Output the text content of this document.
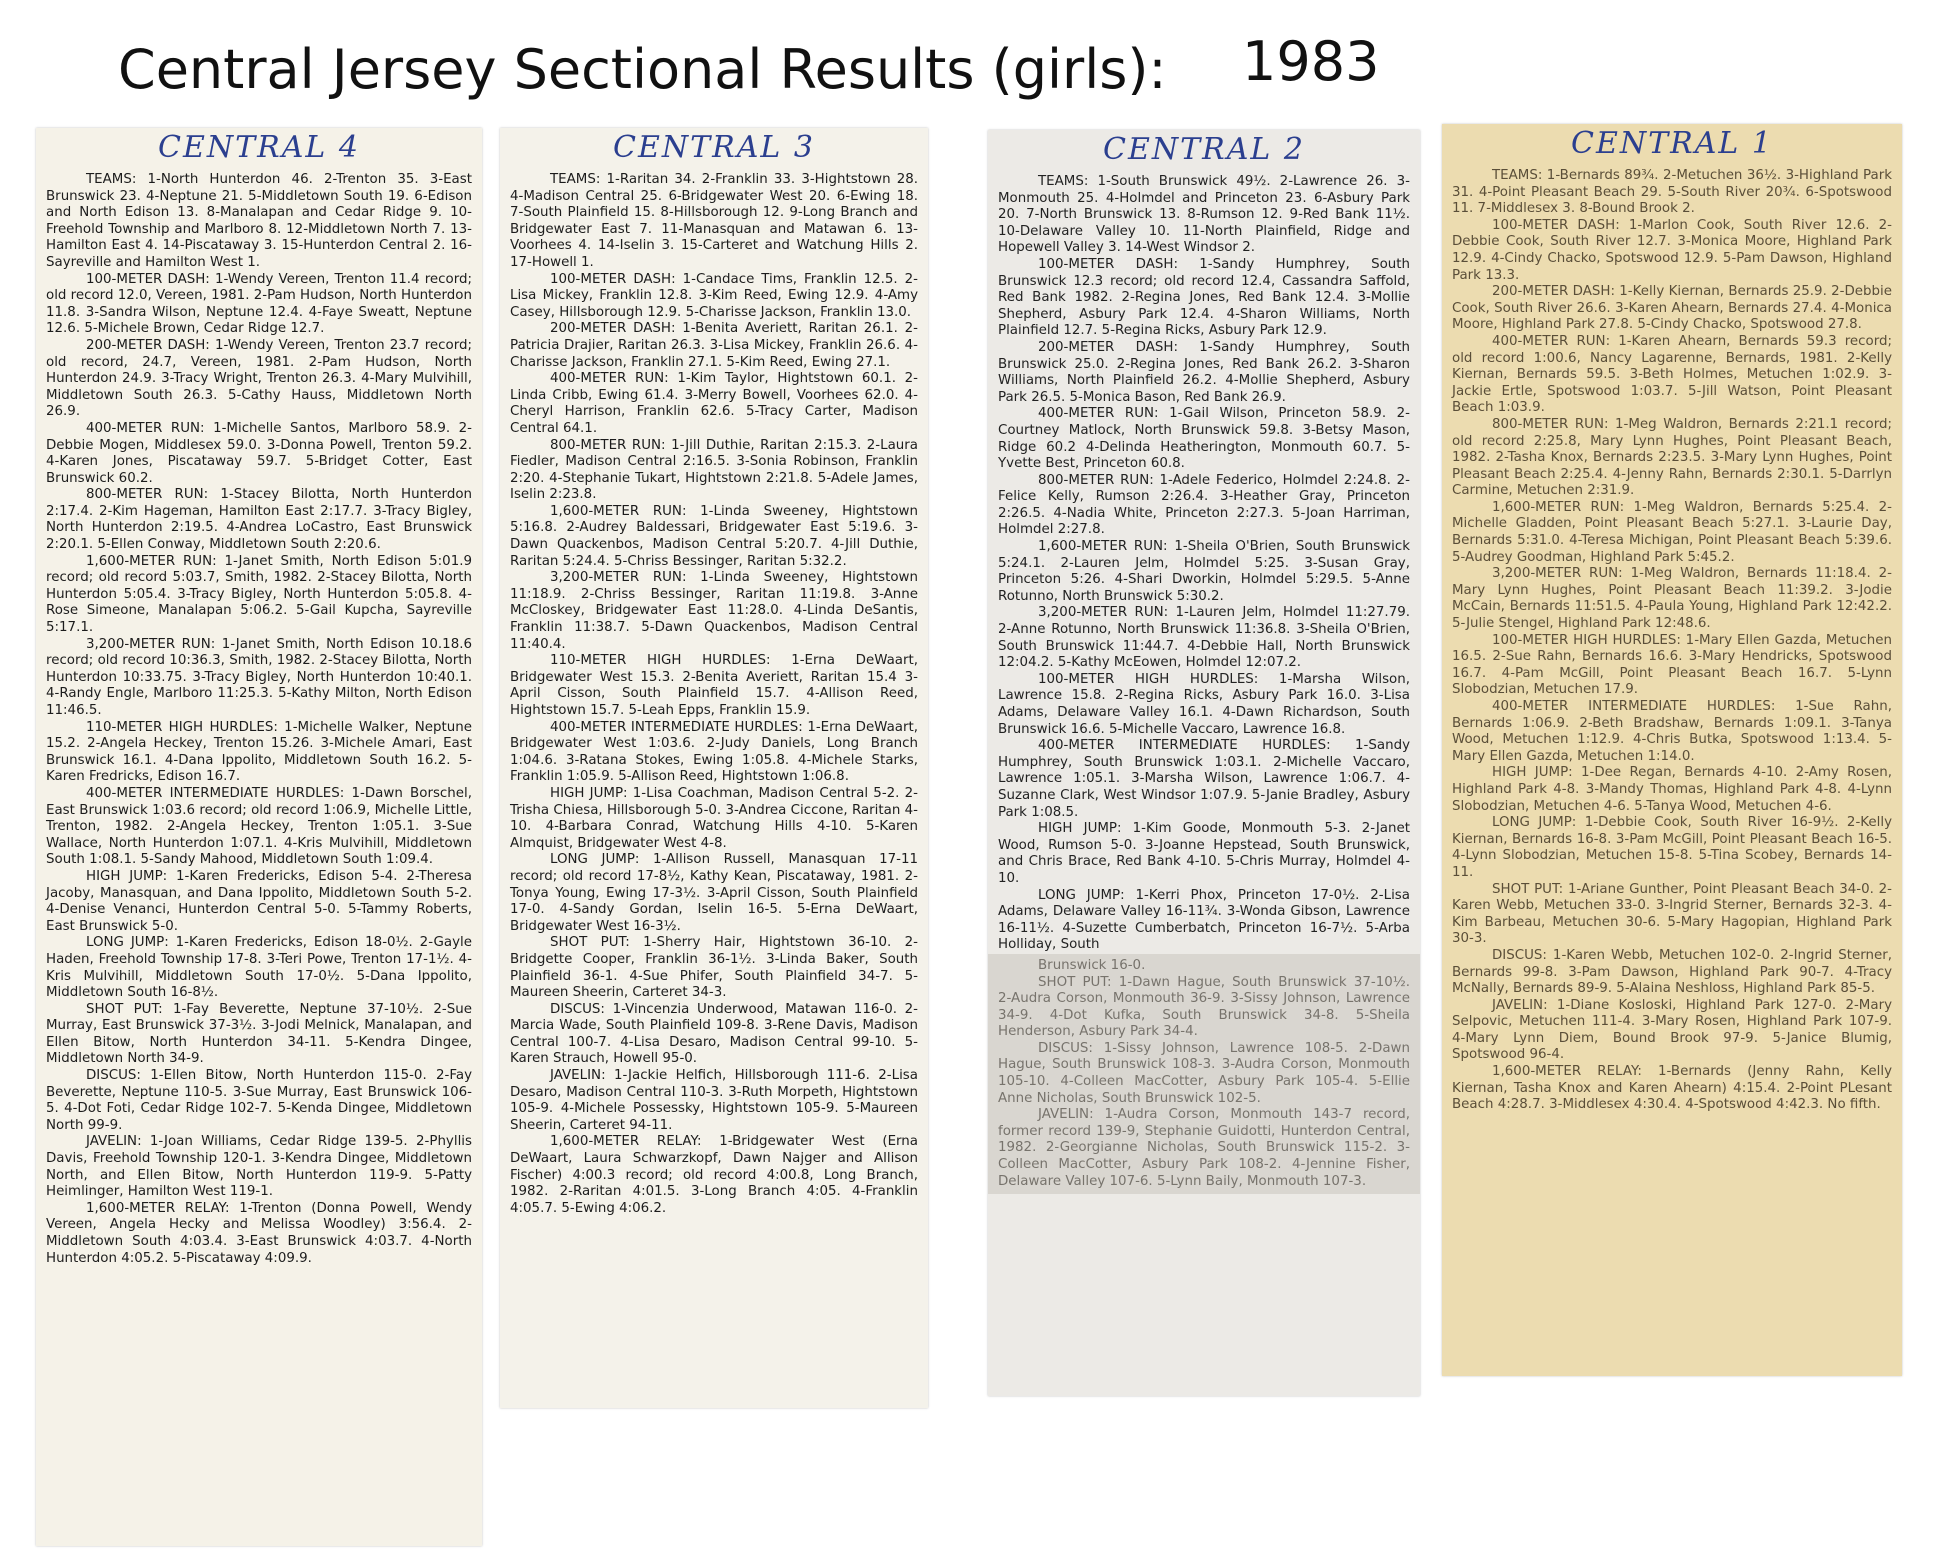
Central Jersey Sectional Results (girls): 1983
CENTRAL 4

TEAMS: 1-North Hunterdon 46. 2-Trenton 35. 3-East Brunswick 23. 4-Neptune 21. 5-Middletown South 19. 6-Edison and North Edison 13. 8-Manalapan and Cedar Ridge 9. 10-Freehold Township and Marlboro 8. 12-Middletown North 7. 13-Hamilton East 4. 14-Piscataway 3. 15-Hunterdon Central 2. 16-Sayreville and Hamilton West 1.

100-METER DASH: 1-Wendy Vereen, Trenton 11.4 record; old record 12.0, Vereen, 1981. 2-Pam Hudson, North Hunterdon 11.8. 3-Sandra Wilson, Neptune 12.4. 4-Faye Sweatt, Neptune 12.6. 5-Michele Brown, Cedar Ridge 12.7.

200-METER DASH: 1-Wendy Vereen, Trenton 23.7 record; old record, 24.7, Vereen, 1981. 2-Pam Hudson, North Hunterdon 24.9. 3-Tracy Wright, Trenton 26.3. 4-Mary Mulvihill, Middletown South 26.3. 5-Cathy Hauss, Middletown North 26.9.

400-METER RUN: 1-Michelle Santos, Marlboro 58.9. 2-Debbie Mogen, Middlesex 59.0. 3-Donna Powell, Trenton 59.2. 4-Karen Jones, Piscataway 59.7. 5-Bridget Cotter, East Brunswick 60.2.

800-METER RUN: 1-Stacey Bilotta, North Hunterdon 2:17.4. 2-Kim Hageman, Hamilton East 2:17.7. 3-Tracy Bigley, North Hunterdon 2:19.5. 4-Andrea LoCastro, East Brunswick 2:20.1. 5-Ellen Conway, Middletown South 2:20.6.

1,600-METER RUN: 1-Janet Smith, North Edison 5:01.9 record; old record 5:03.7, Smith, 1982. 2-Stacey Bilotta, North Hunterdon 5:05.4. 3-Tracy Bigley, North Hunterdon 5:05.8. 4-Rose Simeone, Manalapan 5:06.2. 5-Gail Kupcha, Sayreville 5:17.1.

3,200-METER RUN: 1-Janet Smith, North Edison 10.18.6 record; old record 10:36.3, Smith, 1982. 2-Stacey Bilotta, North Hunterdon 10:33.75. 3-Tracy Bigley, North Hunterdon 10:40.1. 4-Randy Engle, Marlboro 11:25.3. 5-Kathy Milton, North Edison 11:46.5.

110-METER HIGH HURDLES: 1-Michelle Walker, Neptune 15.2. 2-Angela Heckey, Trenton 15.26. 3-Michele Amari, East Brunswick 16.1. 4-Dana Ippolito, Middletown South 16.2. 5-Karen Fredricks, Edison 16.7.

400-METER INTERMEDIATE HURDLES: 1-Dawn Borschel, East Brunswick 1:03.6 record; old record 1:06.9, Michelle Little, Trenton, 1982. 2-Angela Heckey, Trenton 1:05.1. 3-Sue Wallace, North Hunterdon 1:07.1. 4-Kris Mulvihill, Middletown South 1:08.1. 5-Sandy Mahood, Middletown South 1:09.4.

HIGH JUMP: 1-Karen Fredericks, Edison 5-4. 2-Theresa Jacoby, Manasquan, and Dana Ippolito, Middletown South 5-2. 4-Denise Venanci, Hunterdon Central 5-0. 5-Tammy Roberts, East Brunswick 5-0.

LONG JUMP: 1-Karen Fredericks, Edison 18-0½. 2-Gayle Haden, Freehold Township 17-8. 3-Teri Powe, Trenton 17-1½. 4-Kris Mulvihill, Middletown South 17-0½. 5-Dana Ippolito, Middletown South 16-8½.

SHOT PUT: 1-Fay Beverette, Neptune 37-10½. 2-Sue Murray, East Brunswick 37-3½. 3-Jodi Melnick, Manalapan, and Ellen Bitow, North Hunterdon 34-11. 5-Kendra Dingee, Middletown North 34-9.

DISCUS: 1-Ellen Bitow, North Hunterdon 115-0. 2-Fay Beverette, Neptune 110-5. 3-Sue Murray, East Brunswick 106-5. 4-Dot Foti, Cedar Ridge 102-7. 5-Kenda Dingee, Middletown North 99-9.

JAVELIN: 1-Joan Williams, Cedar Ridge 139-5. 2-Phyllis Davis, Freehold Township 120-1. 3-Kendra Dingee, Middletown North, and Ellen Bitow, North Hunterdon 119-9. 5-Patty Heimlinger, Hamilton West 119-1.

1,600-METER RELAY: 1-Trenton (Donna Powell, Wendy Vereen, Angela Hecky and Melissa Woodley) 3:56.4. 2-Middletown South 4:03.4. 3-East Brunswick 4:03.7. 4-North Hunterdon 4:05.2. 5-Piscataway 4:09.9.

CENTRAL 3

TEAMS: 1-Raritan 34. 2-Franklin 33. 3-Hightstown 28. 4-Madison Central 25. 6-Bridgewater West 20. 6-Ewing 18. 7-South Plainfield 15. 8-Hillsborough 12. 9-Long Branch and Bridgewater East 7. 11-Manasquan and Matawan 6. 13-Voorhees 4. 14-Iselin 3. 15-Carteret and Watchung Hills 2. 17-Howell 1.

100-METER DASH: 1-Candace Tims, Franklin 12.5. 2-Lisa Mickey, Franklin 12.8. 3-Kim Reed, Ewing 12.9. 4-Amy Casey, Hillsborough 12.9. 5-Charisse Jackson, Franklin 13.0.

200-METER DASH: 1-Benita Averiett, Raritan 26.1. 2-Patricia Drajier, Raritan 26.3. 3-Lisa Mickey, Franklin 26.6. 4-Charisse Jackson, Franklin 27.1. 5-Kim Reed, Ewing 27.1.

400-METER RUN: 1-Kim Taylor, Hightstown 60.1. 2-Linda Cribb, Ewing 61.4. 3-Merry Bowell, Voorhees 62.0. 4-Cheryl Harrison, Franklin 62.6. 5-Tracy Carter, Madison Central 64.1.

800-METER RUN: 1-Jill Duthie, Raritan 2:15.3. 2-Laura Fiedler, Madison Central 2:16.5. 3-Sonia Robinson, Franklin 2:20. 4-Stephanie Tukart, Hightstown 2:21.8. 5-Adele James, Iselin 2:23.8.

1,600-METER RUN: 1-Linda Sweeney, Hightstown 5:16.8. 2-Audrey Baldessari, Bridgewater East 5:19.6. 3-Dawn Quackenbos, Madison Central 5:20.7. 4-Jill Duthie, Raritan 5:24.4. 5-Chriss Bessinger, Raritan 5:32.2.

3,200-METER RUN: 1-Linda Sweeney, Hightstown 11:18.9. 2-Chriss Bessinger, Raritan 11:19.8. 3-Anne McCloskey, Bridgewater East 11:28.0. 4-Linda DeSantis, Franklin 11:38.7. 5-Dawn Quackenbos, Madison Central 11:40.4.

110-METER HIGH HURDLES: 1-Erna DeWaart, Bridgewater West 15.3. 2-Benita Averiett, Raritan 15.4 3-April Cisson, South Plainfield 15.7. 4-Allison Reed, Hightstown 15.7. 5-Leah Epps, Franklin 15.9.

400-METER INTERMEDIATE HURDLES: 1-Erna DeWaart, Bridgewater West 1:03.6. 2-Judy Daniels, Long Branch 1:04.6. 3-Ratana Stokes, Ewing 1:05.8. 4-Michele Starks, Franklin 1:05.9. 5-Allison Reed, Hightstown 1:06.8.

HIGH JUMP: 1-Lisa Coachman, Madison Central 5-2. 2-Trisha Chiesa, Hillsborough 5-0. 3-Andrea Ciccone, Raritan 4-10. 4-Barbara Conrad, Watchung Hills 4-10. 5-Karen Almquist, Bridgewater West 4-8.

LONG JUMP: 1-Allison Russell, Manasquan 17-11 record; old record 17-8½, Kathy Kean, Piscataway, 1981. 2-Tonya Young, Ewing 17-3½. 3-April Cisson, South Plainfield 17-0. 4-Sandy Gordan, Iselin 16-5. 5-Erna DeWaart, Bridgewater West 16-3½.

SHOT PUT: 1-Sherry Hair, Hightstown 36-10. 2-Bridgette Cooper, Franklin 36-1½. 3-Linda Baker, South Plainfield 36-1. 4-Sue Phifer, South Plainfield 34-7. 5-Maureen Sheerin, Carteret 34-3.

DISCUS: 1-Vincenzia Underwood, Matawan 116-0. 2-Marcia Wade, South Plainfield 109-8. 3-Rene Davis, Madison Central 100-7. 4-Lisa Desaro, Madison Central 99-10. 5-Karen Strauch, Howell 95-0.

JAVELIN: 1-Jackie Helfich, Hillsborough 111-6. 2-Lisa Desaro, Madison Central 110-3. 3-Ruth Morpeth, Hightstown 105-9. 4-Michele Possessky, Hightstown 105-9. 5-Maureen Sheerin, Carteret 94-11.

1,600-METER RELAY: 1-Bridgewater West (Erna DeWaart, Laura Schwarzkopf, Dawn Najger and Allison Fischer) 4:00.3 record; old record 4:00.8, Long Branch, 1982. 2-Raritan 4:01.5. 3-Long Branch 4:05. 4-Franklin 4:05.7. 5-Ewing 4:06.2.

CENTRAL 2

TEAMS: 1-South Brunswick 49½. 2-Lawrence 26. 3-Monmouth 25. 4-Holmdel and Princeton 23. 6-Asbury Park 20. 7-North Brunswick 13. 8-Rumson 12. 9-Red Bank 11½. 10-Delaware Valley 10. 11-North Plainfield, Ridge and Hopewell Valley 3. 14-West Windsor 2.

100-METER DASH: 1-Sandy Humphrey, South Brunswick 12.3 record; old record 12.4, Cassandra Saffold, Red Bank 1982. 2-Regina Jones, Red Bank 12.4. 3-Mollie Shepherd, Asbury Park 12.4. 4-Sharon Williams, North Plainfield 12.7. 5-Regina Ricks, Asbury Park 12.9.

200-METER DASH: 1-Sandy Humphrey, South Brunswick 25.0. 2-Regina Jones, Red Bank 26.2. 3-Sharon Williams, North Plainfield 26.2. 4-Mollie Shepherd, Asbury Park 26.5. 5-Monica Bason, Red Bank 26.9.

400-METER RUN: 1-Gail Wilson, Princeton 58.9. 2-Courtney Matlock, North Brunswick 59.8. 3-Betsy Mason, Ridge 60.2 4-Delinda Heatherington, Monmouth 60.7. 5-Yvette Best, Princeton 60.8.

800-METER RUN: 1-Adele Federico, Holmdel 2:24.8. 2-Felice Kelly, Rumson 2:26.4. 3-Heather Gray, Princeton 2:26.5. 4-Nadia White, Princeton 2:27.3. 5-Joan Harriman, Holmdel 2:27.8.

1,600-METER RUN: 1-Sheila O'Brien, South Brunswick 5:24.1. 2-Lauren Jelm, Holmdel 5:25. 3-Susan Gray, Princeton 5:26. 4-Shari Dworkin, Holmdel 5:29.5. 5-Anne Rotunno, North Brunswick 5:30.2.

3,200-METER RUN: 1-Lauren Jelm, Holmdel 11:27.79. 2-Anne Rotunno, North Brunswick 11:36.8. 3-Sheila O'Brien, South Brunswick 11:44.7. 4-Debbie Hall, North Brunswick 12:04.2. 5-Kathy McEowen, Holmdel 12:07.2.

100-METER HIGH HURDLES: 1-Marsha Wilson, Lawrence 15.8. 2-Regina Ricks, Asbury Park 16.0. 3-Lisa Adams, Delaware Valley 16.1. 4-Dawn Richardson, South Brunswick 16.6. 5-Michelle Vaccaro, Lawrence 16.8.

400-METER INTERMEDIATE HURDLES: 1-Sandy Humphrey, South Brunswick 1:03.1. 2-Michelle Vaccaro, Lawrence 1:05.1. 3-Marsha Wilson, Lawrence 1:06.7. 4-Suzanne Clark, West Windsor 1:07.9. 5-Janie Bradley, Asbury Park 1:08.5.

HIGH JUMP: 1-Kim Goode, Monmouth 5-3. 2-Janet Wood, Rumson 5-0. 3-Joanne Hepstead, South Brunswick, and Chris Brace, Red Bank 4-10. 5-Chris Murray, Holmdel 4-10.

LONG JUMP: 1-Kerri Phox, Princeton 17-0½. 2-Lisa Adams, Delaware Valley 16-11¾. 3-Wonda Gibson, Lawrence 16-11½. 4-Suzette Cumberbatch, Princeton 16-7½. 5-Arba Holliday, South

Brunswick 16-0.

SHOT PUT: 1-Dawn Hague, South Brunswick 37-10½. 2-Audra Corson, Monmouth 36-9. 3-Sissy Johnson, Lawrence 34-9. 4-Dot Kufka, South Brunswick 34-8. 5-Sheila Henderson, Asbury Park 34-4.

DISCUS: 1-Sissy Johnson, Lawrence 108-5. 2-Dawn Hague, South Brunswick 108-3. 3-Audra Corson, Monmouth 105-10. 4-Colleen MacCotter, Asbury Park 105-4. 5-Ellie Anne Nicholas, South Brunswick 102-5.

JAVELIN: 1-Audra Corson, Monmouth 143-7 record, former record 139-9, Stephanie Guidotti, Hunterdon Central, 1982. 2-Georgianne Nicholas, South Brunswick 115-2. 3-Colleen MacCotter, Asbury Park 108-2. 4-Jennine Fisher, Delaware Valley 107-6. 5-Lynn Baily, Monmouth 107-3.

CENTRAL 1

TEAMS: 1-Bernards 89¾. 2-Metuchen 36½. 3-Highland Park 31. 4-Point Pleasant Beach 29. 5-South River 20¾. 6-Spotswood 11. 7-Middlesex 3. 8-Bound Brook 2.

100-METER DASH: 1-Marlon Cook, South River 12.6. 2-Debbie Cook, South River 12.7. 3-Monica Moore, Highland Park 12.9. 4-Cindy Chacko, Spotswood 12.9. 5-Pam Dawson, Highland Park 13.3.

200-METER DASH: 1-Kelly Kiernan, Bernards 25.9. 2-Debbie Cook, South River 26.6. 3-Karen Ahearn, Bernards 27.4. 4-Monica Moore, Highland Park 27.8. 5-Cindy Chacko, Spotswood 27.8.

400-METER RUN: 1-Karen Ahearn, Bernards 59.3 record; old record 1:00.6, Nancy Lagarenne, Bernards, 1981. 2-Kelly Kiernan, Bernards 59.5. 3-Beth Holmes, Metuchen 1:02.9. 3-Jackie Ertle, Spotswood 1:03.7. 5-Jill Watson, Point Pleasant Beach 1:03.9.

800-METER RUN: 1-Meg Waldron, Bernards 2:21.1 record; old record 2:25.8, Mary Lynn Hughes, Point Pleasant Beach, 1982. 2-Tasha Knox, Bernards 2:23.5. 3-Mary Lynn Hughes, Point Pleasant Beach 2:25.4. 4-Jenny Rahn, Bernards 2:30.1. 5-Darrlyn Carmine, Metuchen 2:31.9.

1,600-METER RUN: 1-Meg Waldron, Bernards 5:25.4. 2-Michelle Gladden, Point Pleasant Beach 5:27.1. 3-Laurie Day, Bernards 5:31.0. 4-Teresa Michigan, Point Pleasant Beach 5:39.6. 5-Audrey Goodman, Highland Park 5:45.2.

3,200-METER RUN: 1-Meg Waldron, Bernards 11:18.4. 2-Mary Lynn Hughes, Point Pleasant Beach 11:39.2. 3-Jodie McCain, Bernards 11:51.5. 4-Paula Young, Highland Park 12:42.2. 5-Julie Stengel, Highland Park 12:48.6.

100-METER HIGH HURDLES: 1-Mary Ellen Gazda, Metuchen 16.5. 2-Sue Rahn, Bernards 16.6. 3-Mary Hendricks, Spotswood 16.7. 4-Pam McGill, Point Pleasant Beach 16.7. 5-Lynn Slobodzian, Metuchen 17.9.

400-METER INTERMEDIATE HURDLES: 1-Sue Rahn, Bernards 1:06.9. 2-Beth Bradshaw, Bernards 1:09.1. 3-Tanya Wood, Metuchen 1:12.9. 4-Chris Butka, Spotswood 1:13.4. 5-Mary Ellen Gazda, Metuchen 1:14.0.

HIGH JUMP: 1-Dee Regan, Bernards 4-10. 2-Amy Rosen, Highland Park 4-8. 3-Mandy Thomas, Highland Park 4-8. 4-Lynn Slobodzian, Metuchen 4-6. 5-Tanya Wood, Metuchen 4-6.

LONG JUMP: 1-Debbie Cook, South River 16-9½. 2-Kelly Kiernan, Bernards 16-8. 3-Pam McGill, Point Pleasant Beach 16-5. 4-Lynn Slobodzian, Metuchen 15-8. 5-Tina Scobey, Bernards 14-11.

SHOT PUT: 1-Ariane Gunther, Point Pleasant Beach 34-0. 2-Karen Webb, Metuchen 33-0. 3-Ingrid Sterner, Bernards 32-3. 4-Kim Barbeau, Metuchen 30-6. 5-Mary Hagopian, Highland Park 30-3.

DISCUS: 1-Karen Webb, Metuchen 102-0. 2-Ingrid Sterner, Bernards 99-8. 3-Pam Dawson, Highland Park 90-7. 4-Tracy McNally, Bernards 89-9. 5-Alaina Neshloss, Highland Park 85-5.

JAVELIN: 1-Diane Kosloski, Highland Park 127-0. 2-Mary Selpovic, Metuchen 111-4. 3-Mary Rosen, Highland Park 107-9. 4-Mary Lynn Diem, Bound Brook 97-9. 5-Janice Blumig, Spotswood 96-4.

1,600-METER RELAY: 1-Bernards (Jenny Rahn, Kelly Kiernan, Tasha Knox and Karen Ahearn) 4:15.4. 2-Point PLesant Beach 4:28.7. 3-Middlesex 4:30.4. 4-Spotswood 4:42.3. No fifth.
